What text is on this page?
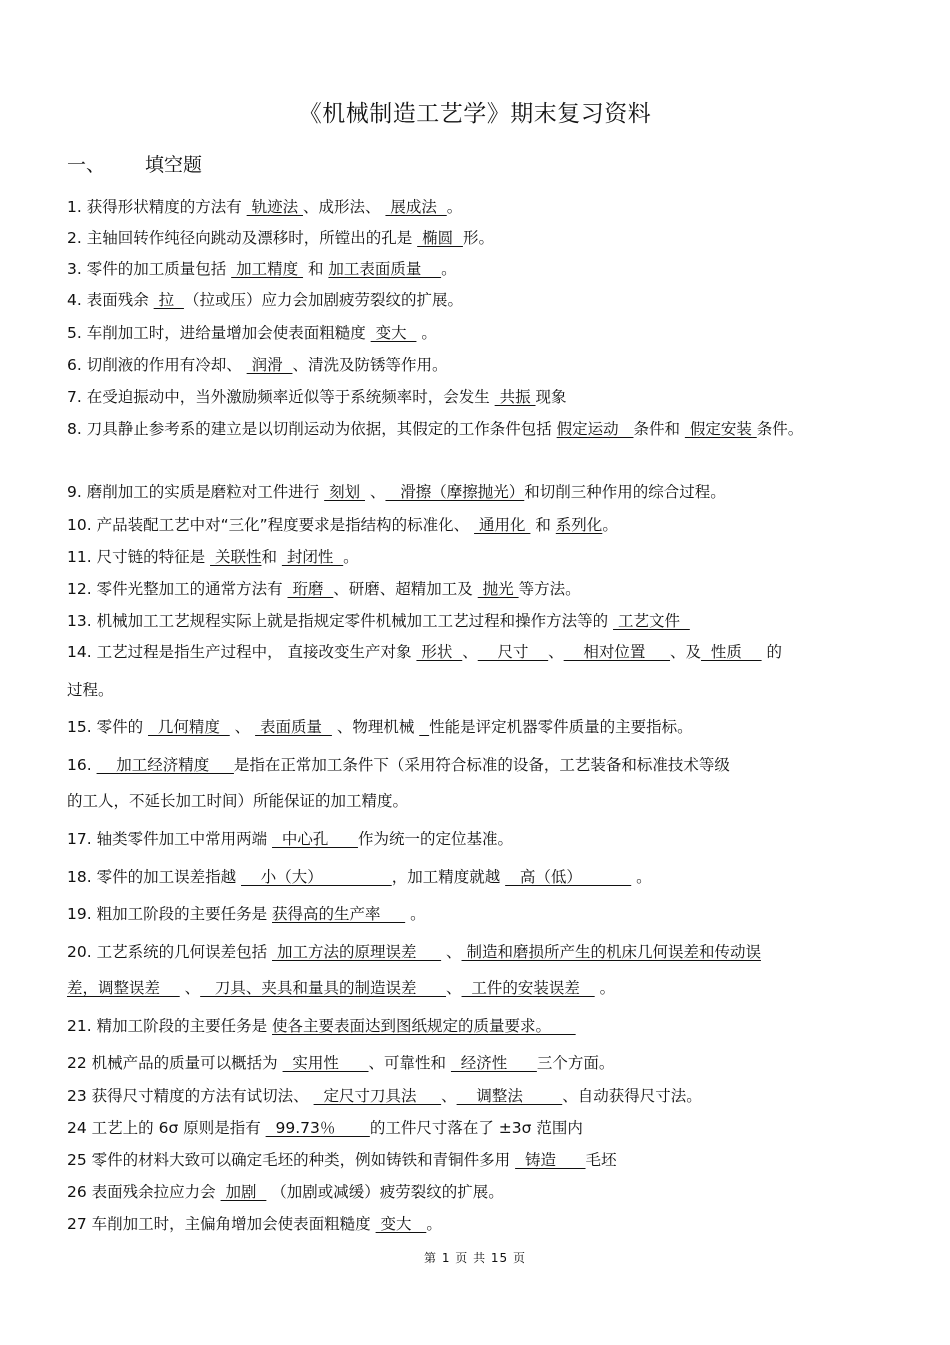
《机械制造工艺学》期末复习资料
一、 填空题
1. 获得形状精度的方法有  轨迹法 、成形法、  展成法  。
2. 主轴回转作纯径向跳动及漂移时，所镗出的孔是  椭圆  形。
3. 零件的加工质量包括  加工精度  和 加工表面质量    。
4. 表面残余  拉  （拉或压）应力会加剧疲劳裂纹的扩展。
5. 车削加工时，进给量增加会使表面粗糙度  变大   。
6. 切削液的作用有冷却、  润滑  、清洗及防锈等作用。
7. 在受迫振动中，当外激励频率近似等于系统频率时，会发生  共振 现象
8. 刀具静止参考系的建立是以切削运动为依据，其假定的工作条件包括 假定运动   条件和  假定安装 条件。
9. 磨削加工的实质是磨粒对工件进行  刻划  、   滑擦（摩擦抛光）和切削三种作用的综合过程。
10. 产品装配工艺中对“三化”程度要求是指结构的标准化、  通用化  和 系列化。
11. 尺寸链的特征是  关联性和  封闭性  。
12. 零件光整加工的通常方法有  珩磨  、研磨、超精加工及  抛光 等方法。
13. 机械加工工艺规程实际上就是指规定零件机械加工工艺过程和操作方法等的  工艺文件
14. 工艺过程是指生产过程中， 直接改变生产对象  形状  、    尺寸    、    相对位置     、及  性质     的
过程。
15. 零件的   几何精度   、  表面质量   、物理机械   性能是评定机器零件质量的主要指标。
16.     加工经济精度     是指在正常加工条件下（采用符合标准的设备，工艺装备和标准技术等级
的工人，不延长加工时间）所能保证的加工精度。
17. 轴类零件加工中常用两端   中心孔      作为统一的定位基准。
18. 零件的加工误差指越     小（大）              ，加工精度就越    高（低）           。
19. 粗加工阶段的主要任务是 获得高的生产率      。
20. 工艺系统的几何误差包括  加工方法的原理误差      、 制造和磨损所产生的机床几何误差和传动误
差，调整误差     、   刀具、夹具和量具的制造误差      、  工件的安装误差    。
21. 精加工阶段的主要任务是 使各主要表面达到图纸规定的质量要求。
22 机械产品的质量可以概括为   实用性      、可靠性和   经济性      三个方面。
23 获得尺寸精度的方法有试切法、   定尺寸刀具法     、    调整法        、自动获得尺寸法。
24 工艺上的 6σ 原则是指有   99.73％       的工件尺寸落在了 ±3σ 范围内
25 零件的材料大致可以确定毛坯的种类，例如铸铁和青铜件多用   铸造      毛坯
26 表面残余拉应力会  加剧   （加剧或减缓）疲劳裂纹的扩展。
27 车削加工时，主偏角增加会使表面粗糙度  变大   。
第 1 页 共 15 页
